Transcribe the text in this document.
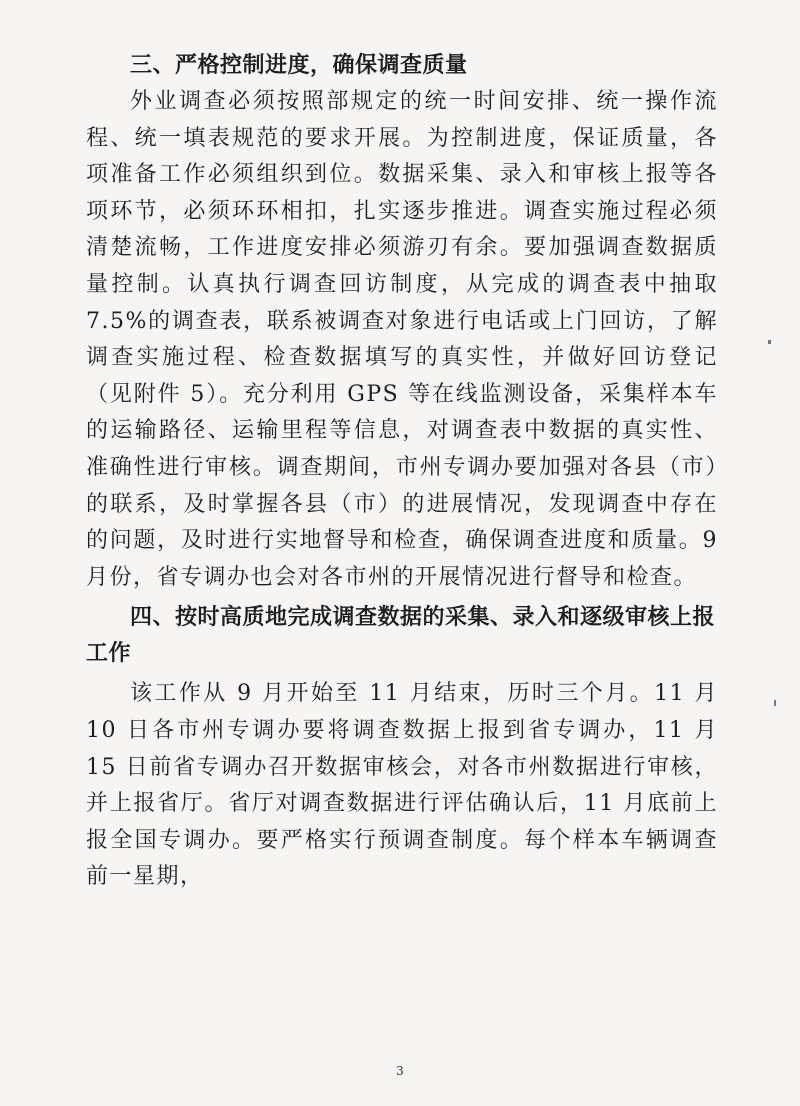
三、严格控制进度，确保调查质量

外业调查必须按照部规定的统一时间安排、统一操作流程、统一填表规范的要求开展。为控制进度，保证质量，各项准备工作必须组织到位。数据采集、录入和审核上报等各项环节，必须环环相扣，扎实逐步推进。调查实施过程必须清楚流畅，工作进度安排必须游刃有余。要加强调查数据质量控制。认真执行调查回访制度，从完成的调查表中抽取 7.5%的调查表，联系被调查对象进行电话或上门回访，了解调查实施过程、检查数据填写的真实性，并做好回访登记（见附件 5）。充分利用 GPS 等在线监测设备，采集样本车的运输路径、运输里程等信息，对调查表中数据的真实性、准确性进行审核。调查期间，市州专调办要加强对各县（市）的联系，及时掌握各县（市）的进展情况，发现调查中存在的问题，及时进行实地督导和检查，确保调查进度和质量。9 月份，省专调办也会对各市州的开展情况进行督导和检查。

四、按时高质地完成调查数据的采集、录入和逐级审核上报工作

该工作从 9 月开始至 11 月结束，历时三个月。11 月 10 日各市州专调办要将调查数据上报到省专调办，11 月 15 日前省专调办召开数据审核会，对各市州数据进行审核，并上报省厅。省厅对调查数据进行评估确认后，11 月底前上报全国专调办。要严格实行预调查制度。每个样本车辆调查前一星期，

3
